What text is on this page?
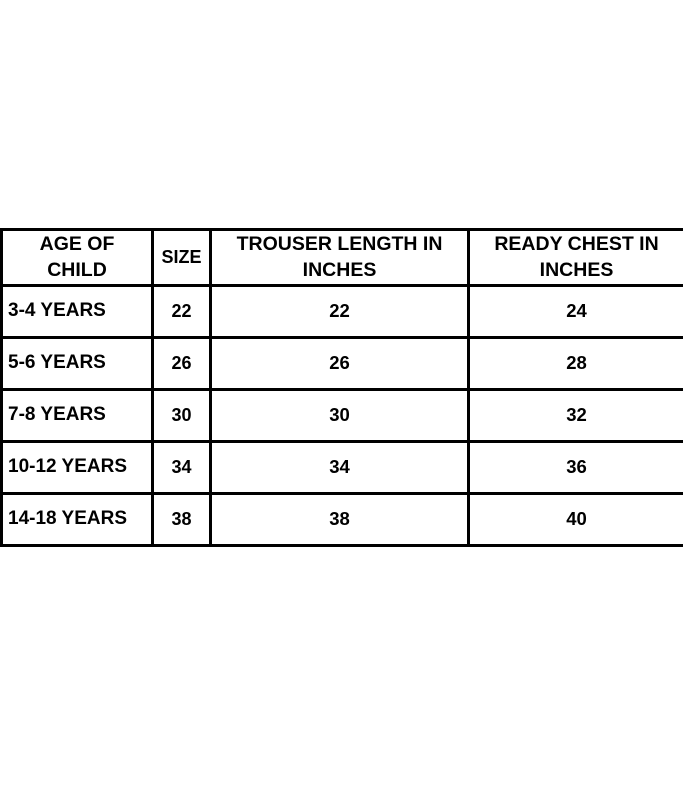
AGE OF CHILD	SIZE	TROUSER LENGTH IN INCHES	READY CHEST IN INCHES
3-4 YEARS	22	22	24
5-6 YEARS	26	26	28
7-8 YEARS	30	30	32
10-12 YEARS	34	34	36
14-18 YEARS	38	38	40
